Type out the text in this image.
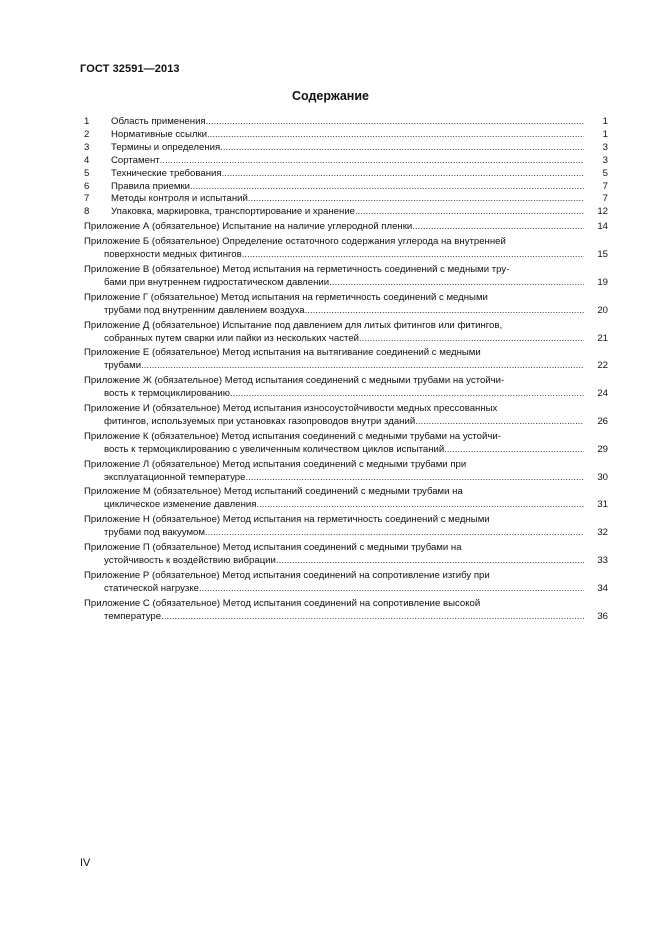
ГОСТ 32591—2013
Содержание
1	Область применения .....	1
2	Нормативные ссылки .....	1
3	Термины и определения .....	3
4	Сортамент .....	3
5	Технические требования .....	5
6	Правила приемки .....	7
7	Методы контроля и испытаний .....	7
8	Упаковка, маркировка, транспортирование и хранение .....	12
Приложение А (обязательное) Испытание на наличие углеродной пленки .....	14
Приложение Б (обязательное) Определение остаточного содержания углерода на внутренней
поверхности медных фитингов .....	15
Приложение В (обязательное) Метод испытания на герметичность соединений с медными тру-
бами при внутреннем гидростатическом давлении .....	19
Приложение Г (обязательное) Метод испытания на герметичность соединений с медными
трубами под внутренним давлением воздуха .....	20
Приложение Д (обязательное) Испытание под давлением для литых фитингов или фитингов,
собранных путем сварки или пайки из нескольких частей .....	21
Приложение Е (обязательное) Метод испытания на вытягивание соединений с медными
трубами .....	22
Приложение Ж (обязательное) Метод испытания соединений с медными трубами на устойчи-
вость к термоциклированию .....	24
Приложение И (обязательное) Метод испытания износоустойчивости медных прессованных
фитингов, используемых при установках газопроводов внутри зданий .....	26
Приложение К (обязательное) Метод испытания соединений с медными трубами на устойчи-
вость к термоциклированию с увеличенным количеством циклов испытаний .....	29
Приложение Л (обязательное) Метод испытания соединений с медными трубами при
эксплуатационной температуре .....	30
Приложение М (обязательное) Метод испытаний соединений с медными трубами на
циклическое изменение давления .....	31
Приложение Н (обязательное) Метод испытания на герметичность соединений с медными
трубами под вакуумом .....	32
Приложение П (обязательное) Метод испытания соединений с медными трубами на
устойчивость к воздействию вибрации .....	33
Приложение Р (обязательное) Метод испытания соединений на сопротивление изгибу при
статической нагрузке .....	34
Приложение С (обязательное) Метод испытания соединений на сопротивление высокой
температуре .....	36
IV
